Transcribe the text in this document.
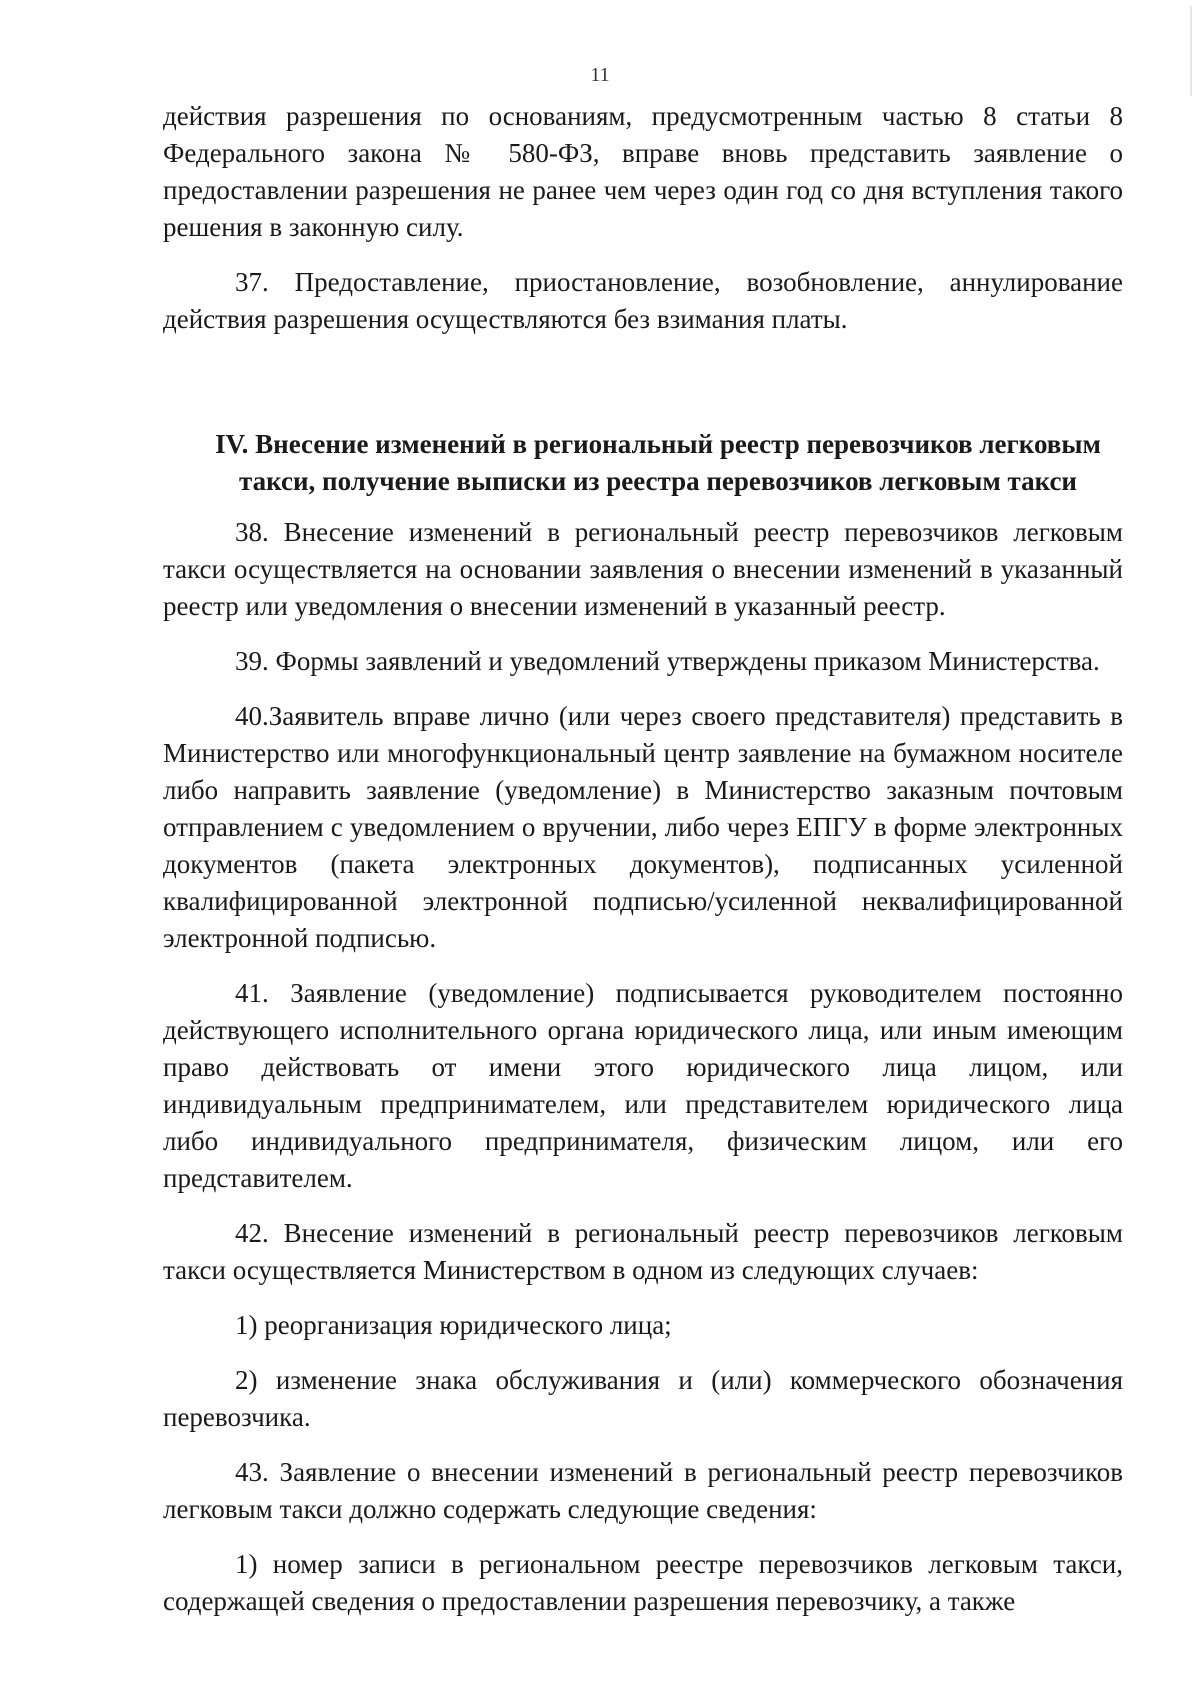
11

действия разрешения по основаниям, предусмотренным частью 8 статьи 8 Федерального закона № 580-ФЗ, вправе вновь представить заявление о предоставлении разрешения не ранее чем через один год со дня вступления такого решения в законную силу.

37. Предоставление, приостановление, возобновление, аннулирование действия разрешения осуществляются без взимания платы.

IV. Внесение изменений в региональный реестр перевозчиков легковым такси, получение выписки из реестра перевозчиков легковым такси

38. Внесение изменений в региональный реестр перевозчиков легковым такси осуществляется на основании заявления о внесении изменений в указанный реестр или уведомления о внесении изменений в указанный реестр.

39. Формы заявлений и уведомлений утверждены приказом Министерства.

40.Заявитель вправе лично (или через своего представителя) представить в Министерство или многофункциональный центр заявление на бумажном носителе либо направить заявление (уведомление) в Министерство заказным почтовым отправлением с уведомлением о вручении, либо через ЕПГУ в форме электронных документов (пакета электронных документов), подписанных усиленной квалифицированной электронной подписью/усиленной неквалифицированной электронной подписью.

41. Заявление (уведомление) подписывается руководителем постоянно действующего исполнительного органа юридического лица, или иным имеющим право действовать от имени этого юридического лица лицом, или индивидуальным предпринимателем, или представителем юридического лица либо индивидуального предпринимателя, физическим лицом, или его представителем.

42. Внесение изменений в региональный реестр перевозчиков легковым такси осуществляется Министерством в одном из следующих случаев:

1) реорганизация юридического лица;

2) изменение знака обслуживания и (или) коммерческого обозначения перевозчика.

43. Заявление о внесении изменений в региональный реестр перевозчиков легковым такси должно содержать следующие сведения:

1) номер записи в региональном реестре перевозчиков легковым такси, содержащей сведения о предоставлении разрешения перевозчику, а также
